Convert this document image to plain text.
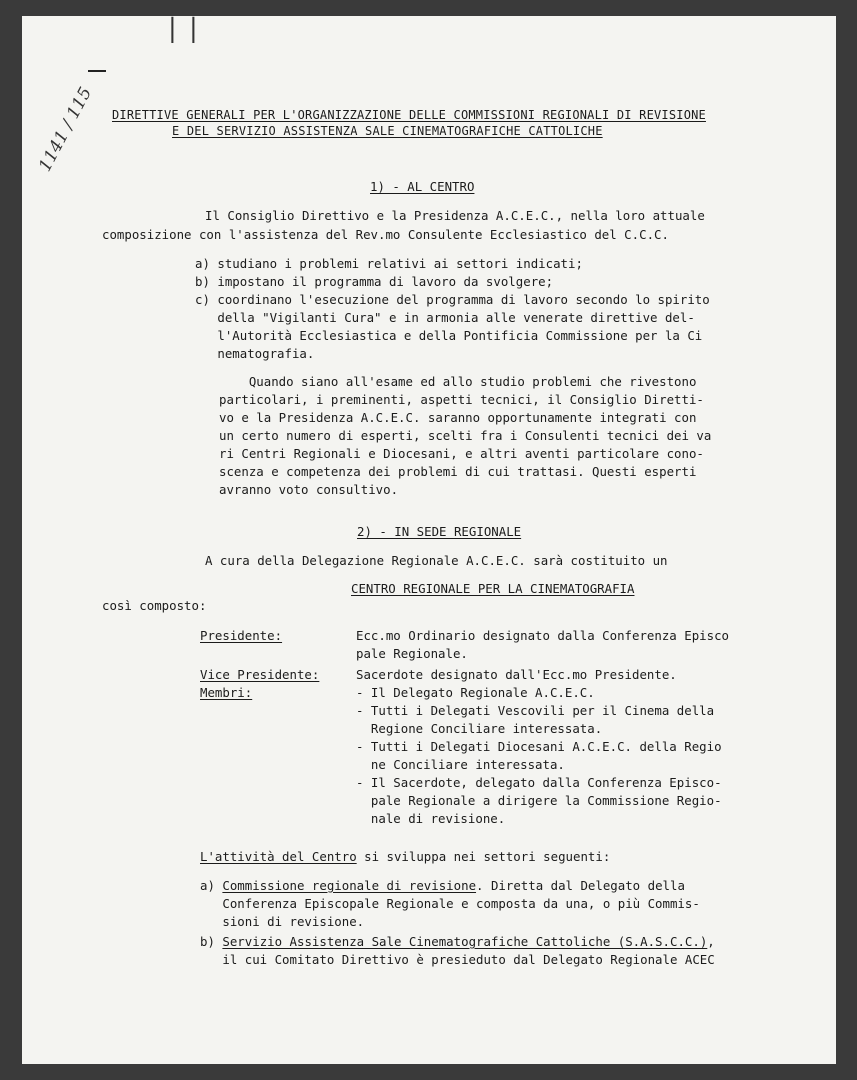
| |
1141 / 115 DIRETTIVE GENERALI PER L'ORGANIZZAZIONE DELLE COMMISSIONI REGIONALI DI REVISIONE
E DEL SERVIZIO ASSISTENZA SALE CINEMATOGRAFICHE CATTOLICHE
1) - AL CENTRO
Il Consiglio Direttivo e la Presidenza A.C.E.C., nella loro attuale
composizione con l'assistenza del Rev.mo Consulente Ecclesiastico del C.C.C.
a) studiano i problemi relativi ai settori indicati;
b) impostano il programma di lavoro da svolgere;
c) coordinano l'esecuzione del programma di lavoro secondo lo spirito
della "Vigilanti Cura" e in armonia alle venerate direttive del-
l'Autorità Ecclesiastica e della Pontificia Commissione per la Ci
nematografia.
Quando siano all'esame ed allo studio problemi che rivestono
particolari, i preminenti, aspetti tecnici, il Consiglio Diretti-
vo e la Presidenza A.C.E.C. saranno opportunamente integrati con
un certo numero di esperti, scelti fra i Consulenti tecnici dei va
ri Centri Regionali e Diocesani, e altri aventi particolare cono-
scenza e competenza dei problemi di cui trattasi. Questi esperti
avranno voto consultivo.
2) - IN SEDE REGIONALE
A cura della Delegazione Regionale A.C.E.C. sarà costituito un
CENTRO REGIONALE PER LA CINEMATOGRAFIA
così composto:
Presidente:	Ecc.mo Ordinario designato dalla Conferenza Episco
pale Regionale.
Vice Presidente:	Sacerdote designato dall'Ecc.mo Presidente.
Membri:	- Il Delegato Regionale A.C.E.C.
- Tutti i Delegati Vescovili per il Cinema della
Regione Conciliare interessata.
- Tutti i Delegati Diocesani A.C.E.C. della Regio
ne Conciliare interessata.
- Il Sacerdote, delegato dalla Conferenza Episco-
pale Regionale a dirigere la Commissione Regio-
nale di revisione.
L'attività del Centro si sviluppa nei settori seguenti:
a) Commissione regionale di revisione. Diretta dal Delegato della
Conferenza Episcopale Regionale e composta da una, o più Commis-
sioni di revisione.
b) Servizio Assistenza Sale Cinematografiche Cattoliche (S.A.S.C.C.),
il cui Comitato Direttivo è presieduto dal Delegato Regionale ACEC
